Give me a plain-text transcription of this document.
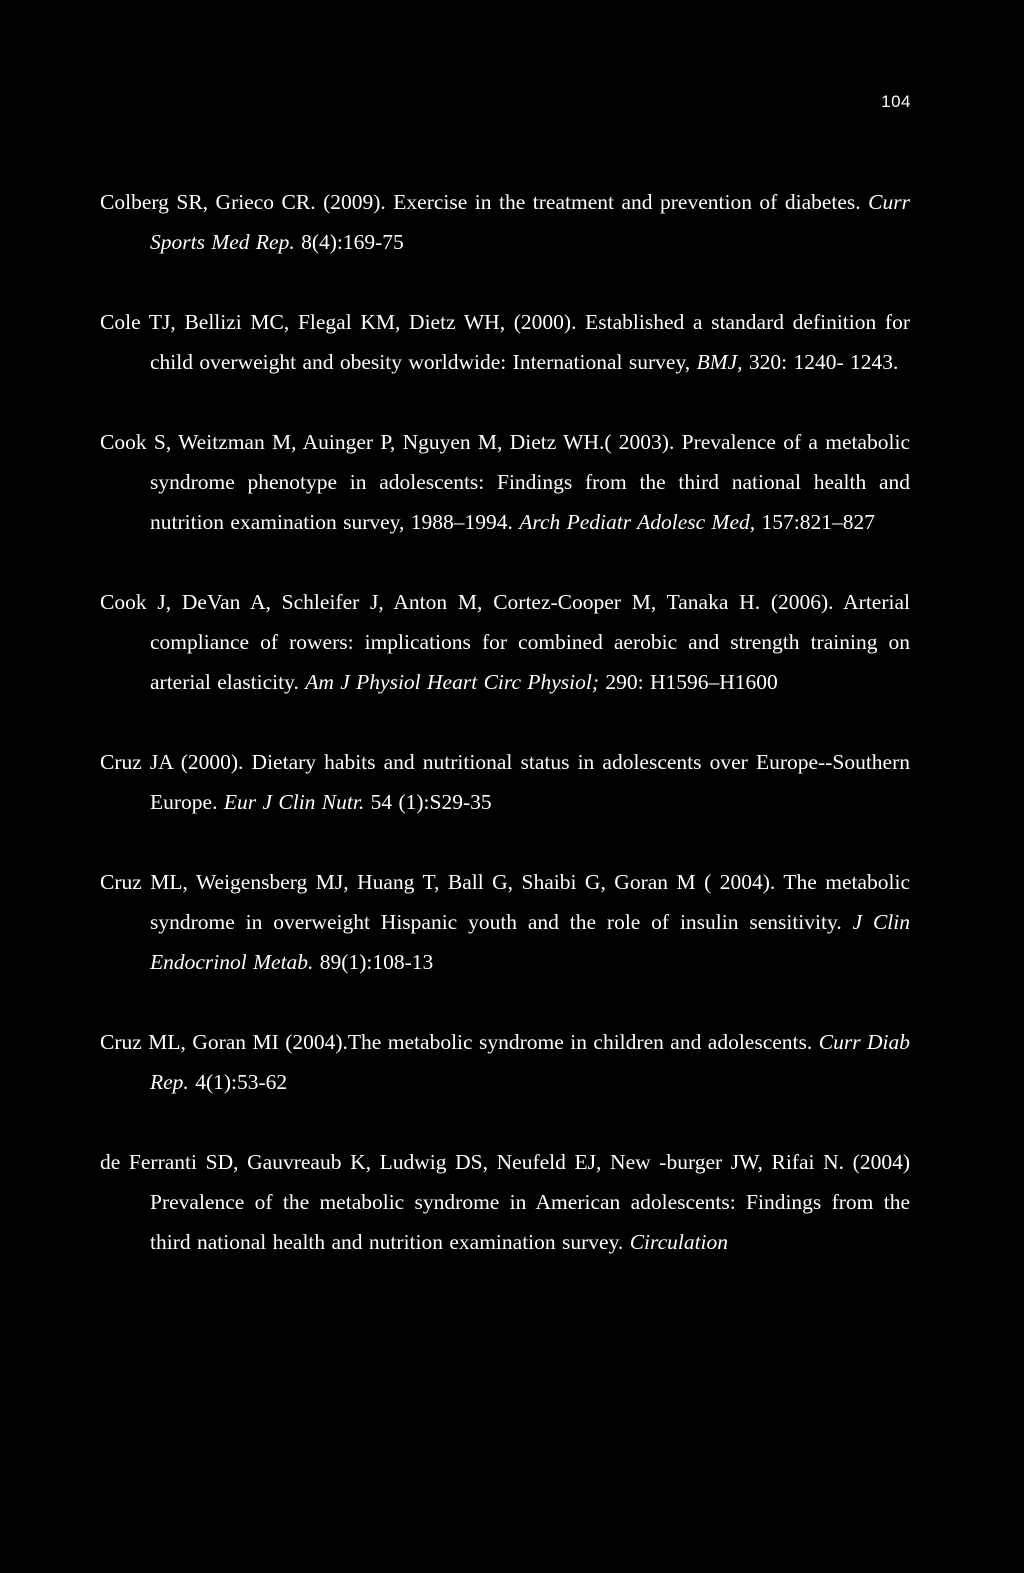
104

Colberg SR, Grieco CR. (2009). Exercise in the treatment and prevention of diabetes. Curr Sports Med Rep. 8(4):169-75

Cole TJ, Bellizi MC, Flegal KM, Dietz WH, (2000). Established a standard definition for child overweight and obesity worldwide: International survey, BMJ, 320: 1240- 1243.

Cook S, Weitzman M, Auinger P, Nguyen M, Dietz WH.( 2003). Prevalence of a metabolic syndrome phenotype in adolescents: Findings from the third national health and nutrition examination survey, 1988–1994. Arch Pediatr Adolesc Med, 157:821–827

Cook J, DeVan A, Schleifer J, Anton M, Cortez-Cooper M, Tanaka H. (2006). Arterial compliance of rowers: implications for combined aerobic and strength training on arterial elasticity. Am J Physiol Heart Circ Physiol; 290: H1596–H1600

Cruz JA (2000). Dietary habits and nutritional status in adolescents over Europe--Southern Europe. Eur J Clin Nutr. 54 (1):S29-35

Cruz ML, Weigensberg MJ, Huang T, Ball G, Shaibi G, Goran M ( 2004). The metabolic syndrome in overweight Hispanic youth and the role of insulin sensitivity. J Clin Endocrinol Metab. 89(1):108-13

Cruz ML, Goran MI (2004).The metabolic syndrome in children and adolescents. Curr Diab Rep. 4(1):53-62

de Ferranti SD, Gauvreaub K, Ludwig DS, Neufeld EJ, New -burger JW, Rifai N. (2004) Prevalence of the metabolic syndrome in American adolescents: Findings from the third national health and nutrition examination survey. Circulation
